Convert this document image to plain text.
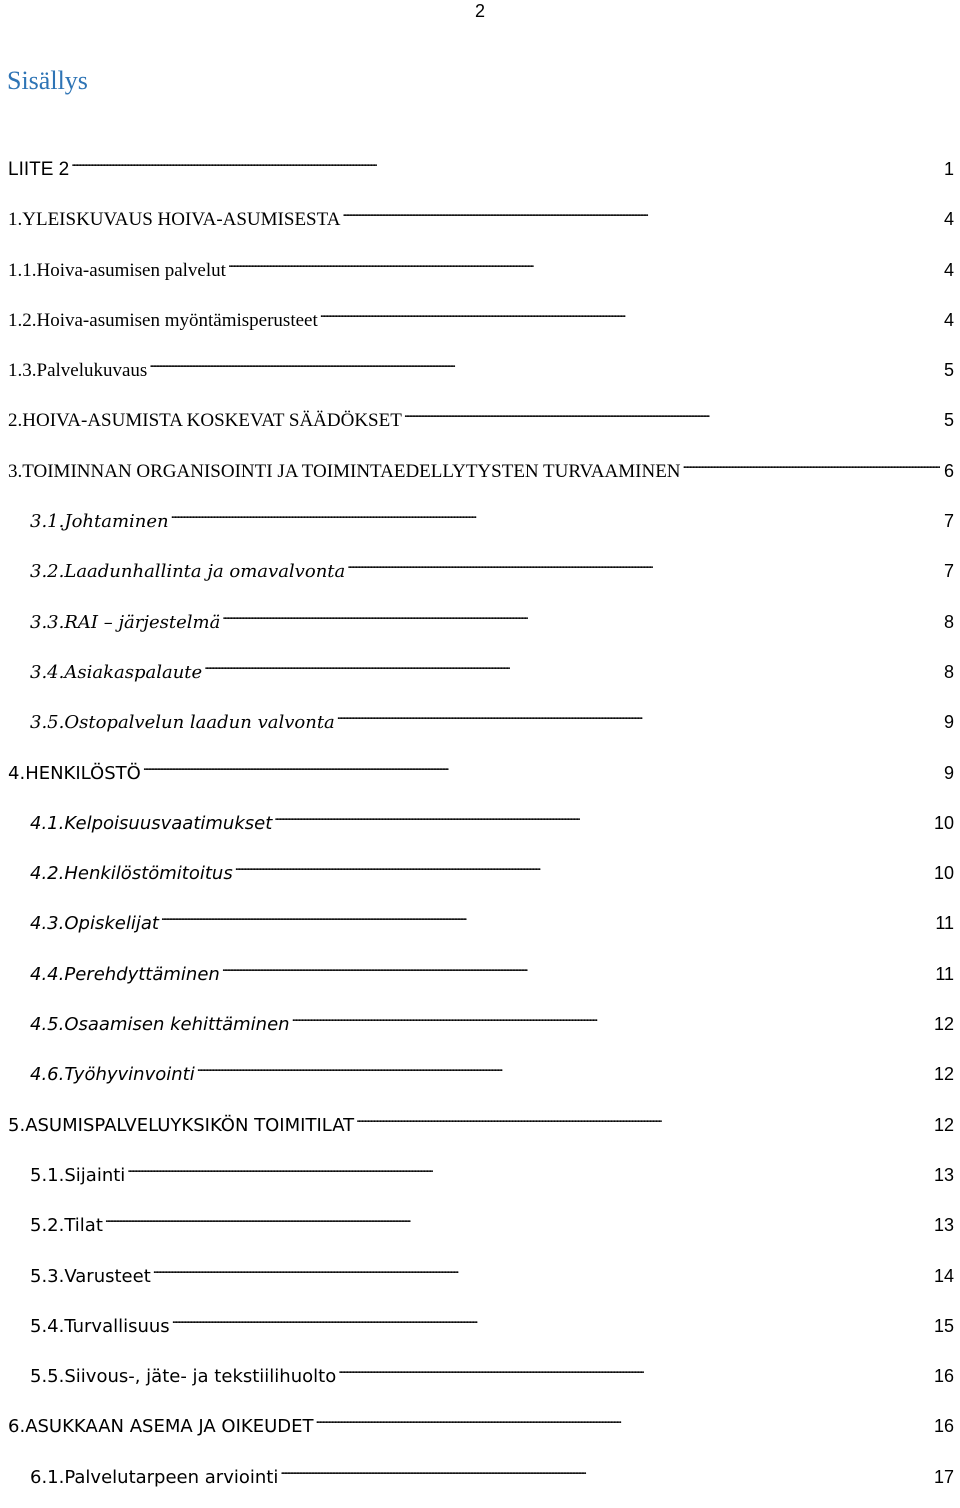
2
Sisällys
LIITE 2 . . .	1
1. YLEISKUVAUS HOIVA-ASUMISESTA . . .	4
1.1. Hoiva-asumisen palvelut . . .	4
1.2. Hoiva-asumisen myöntämisperusteet . . .	4
1.3. Palvelukuvaus . . .	5
2. HOIVA-ASUMISTA KOSKEVAT SÄÄDÖKSET . . .	5
3. TOIMINNAN ORGANISOINTI JA TOIMINTAEDELLYTYSTEN TURVAAMINEN . . .	6
3.1. Johtaminen . . .	7
3.2. Laadunhallinta ja omavalvonta . . .	7
3.3. RAI – järjestelmä . . .	8
3.4. Asiakaspalaute . . .	8
3.5. Ostopalvelun laadun valvonta . . .	9
4. HENKILÖSTÖ . . .	9
4.1. Kelpoisuusvaatimukset . . .	10
4.2. Henkilöstömitoitus . . .	10
4.3. Opiskelijat . . .	11
4.4. Perehdyttäminen . . .	11
4.5. Osaamisen kehittäminen . . .	12
4.6. Työhyvinvointi . . .	12
5. ASUMISPALVELUYKSIKÖN TOIMITILAT . . .	12
5.1. Sijainti . . .	13
5.2. Tilat . . .	13
5.3. Varusteet . . .	14
5.4. Turvallisuus . . .	15
5.5. Siivous-, jäte- ja tekstiilihuolto . . .	16
6. ASUKKAAN ASEMA JA OIKEUDET . . .	16
6.1. Palvelutarpeen arviointi . . .	17
